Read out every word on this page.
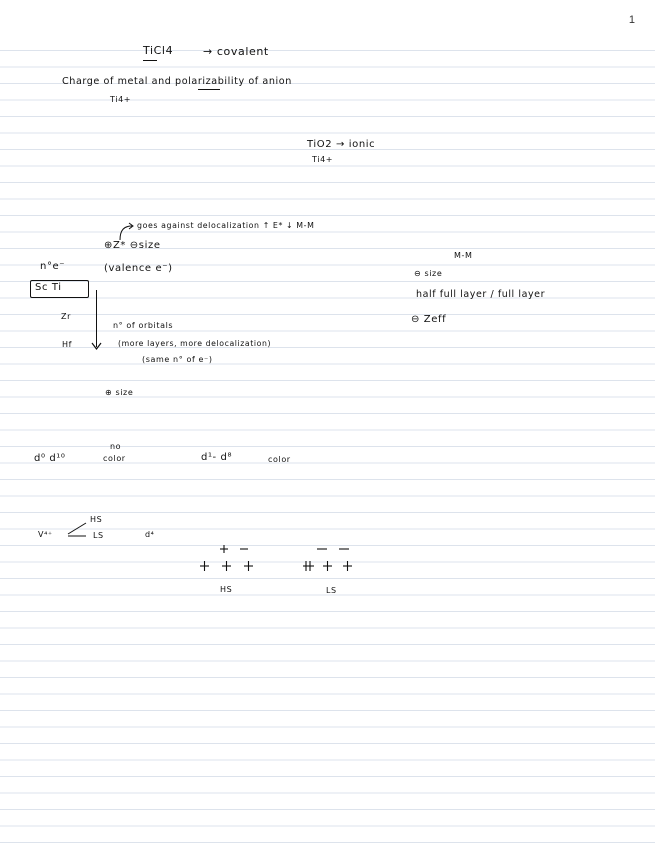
1
TiCl4	→ covalent
Charge of metal and polarizability of anion
Ti4+
TiO2 → ionic
Ti4+
goes against delocalization ↑ E* ↓ M-M
⊕Z* ⊖size
n°e⁻	(valence e⁻)
Sc Ti
Zr
Hf
n° of orbitals
(more layers, more delocalization)
(same n° of e⁻)
⊕ size
M-M
⊖ size
half full layer / full layer
⊖ Zeff
d⁰ d¹⁰
no
color	d¹- d⁸	color
V⁴⁺
HS
LS	d⁴
HS	LS
